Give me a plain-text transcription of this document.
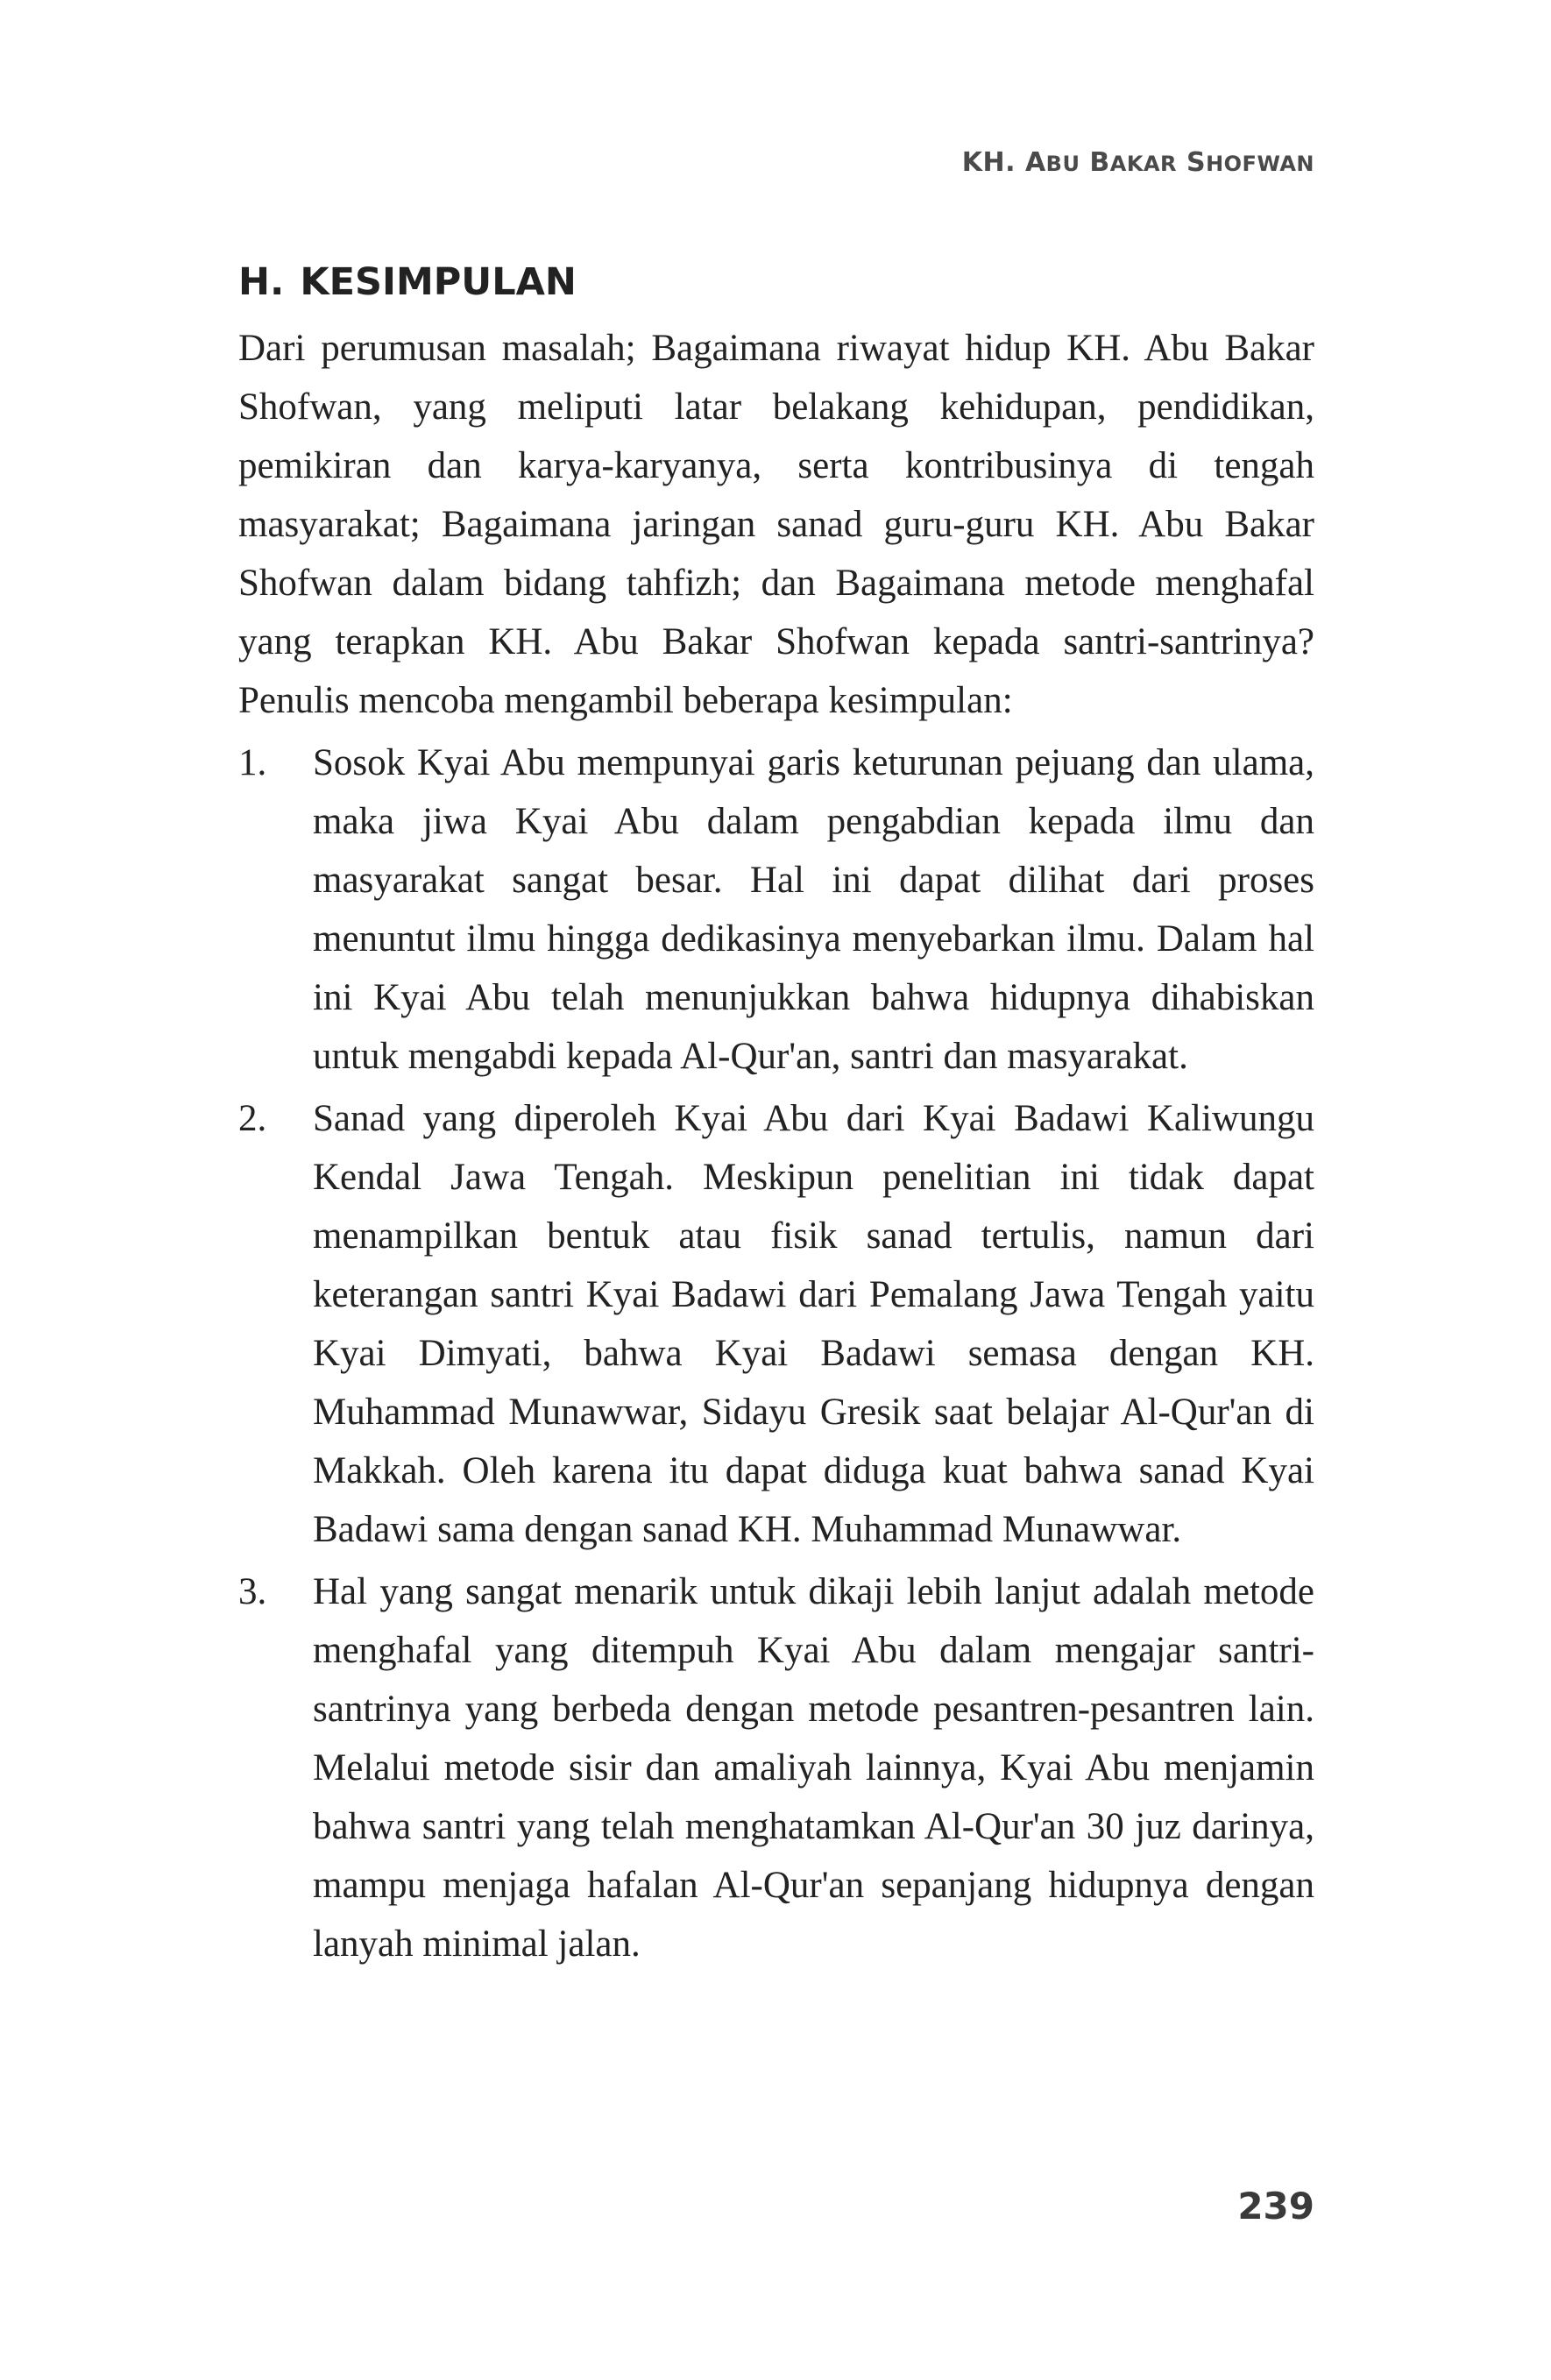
KH. ABU BAKAR SHOFWAN
H. KESIMPULAN

Dari perumusan masalah; Bagaimana riwayat hidup KH. Abu Bakar Shofwan, yang meliputi latar belakang kehidupan, pendidikan, pemikiran dan karya-karyanya, serta kontribusinya di tengah masyarakat; Bagaimana jaringan sanad guru-guru KH. Abu Bakar Shofwan dalam bidang tahfizh; dan Bagaimana metode menghafal yang terapkan KH. Abu Bakar Shofwan kepada santri-santrinya? Penulis mencoba mengambil beberapa kesimpulan:

1. Sosok Kyai Abu mempunyai garis keturunan pejuang dan ulama, maka jiwa Kyai Abu dalam pengabdian kepada ilmu dan masyarakat sangat besar. Hal ini dapat dilihat dari proses menuntut ilmu hingga dedikasinya menyebarkan ilmu. Dalam hal ini Kyai Abu telah menunjukkan bahwa hidupnya dihabiskan untuk mengabdi kepada Al-Qur'an, santri dan masyarakat.

2. Sanad yang diperoleh Kyai Abu dari Kyai Badawi Kaliwungu Kendal Jawa Tengah. Meskipun penelitian ini tidak dapat menampilkan bentuk atau fisik sanad tertulis, namun dari keterangan santri Kyai Badawi dari Pemalang Jawa Tengah yaitu Kyai Dimyati, bahwa Kyai Badawi semasa dengan KH. Muhammad Munawwar, Sidayu Gresik saat belajar Al-Qur'an di Makkah. Oleh karena itu dapat diduga kuat bahwa sanad Kyai Badawi sama dengan sanad KH. Muhammad Munawwar.

3. Hal yang sangat menarik untuk dikaji lebih lanjut adalah metode menghafal yang ditempuh Kyai Abu dalam mengajar santri-santrinya yang berbeda dengan metode pesantren-pesantren lain. Melalui metode sisir dan amaliyah lainnya, Kyai Abu menjamin bahwa santri yang telah menghatamkan Al-Qur'an 30 juz darinya, mampu menjaga hafalan Al-Qur'an sepanjang hidupnya dengan lanyah minimal jalan.

239
